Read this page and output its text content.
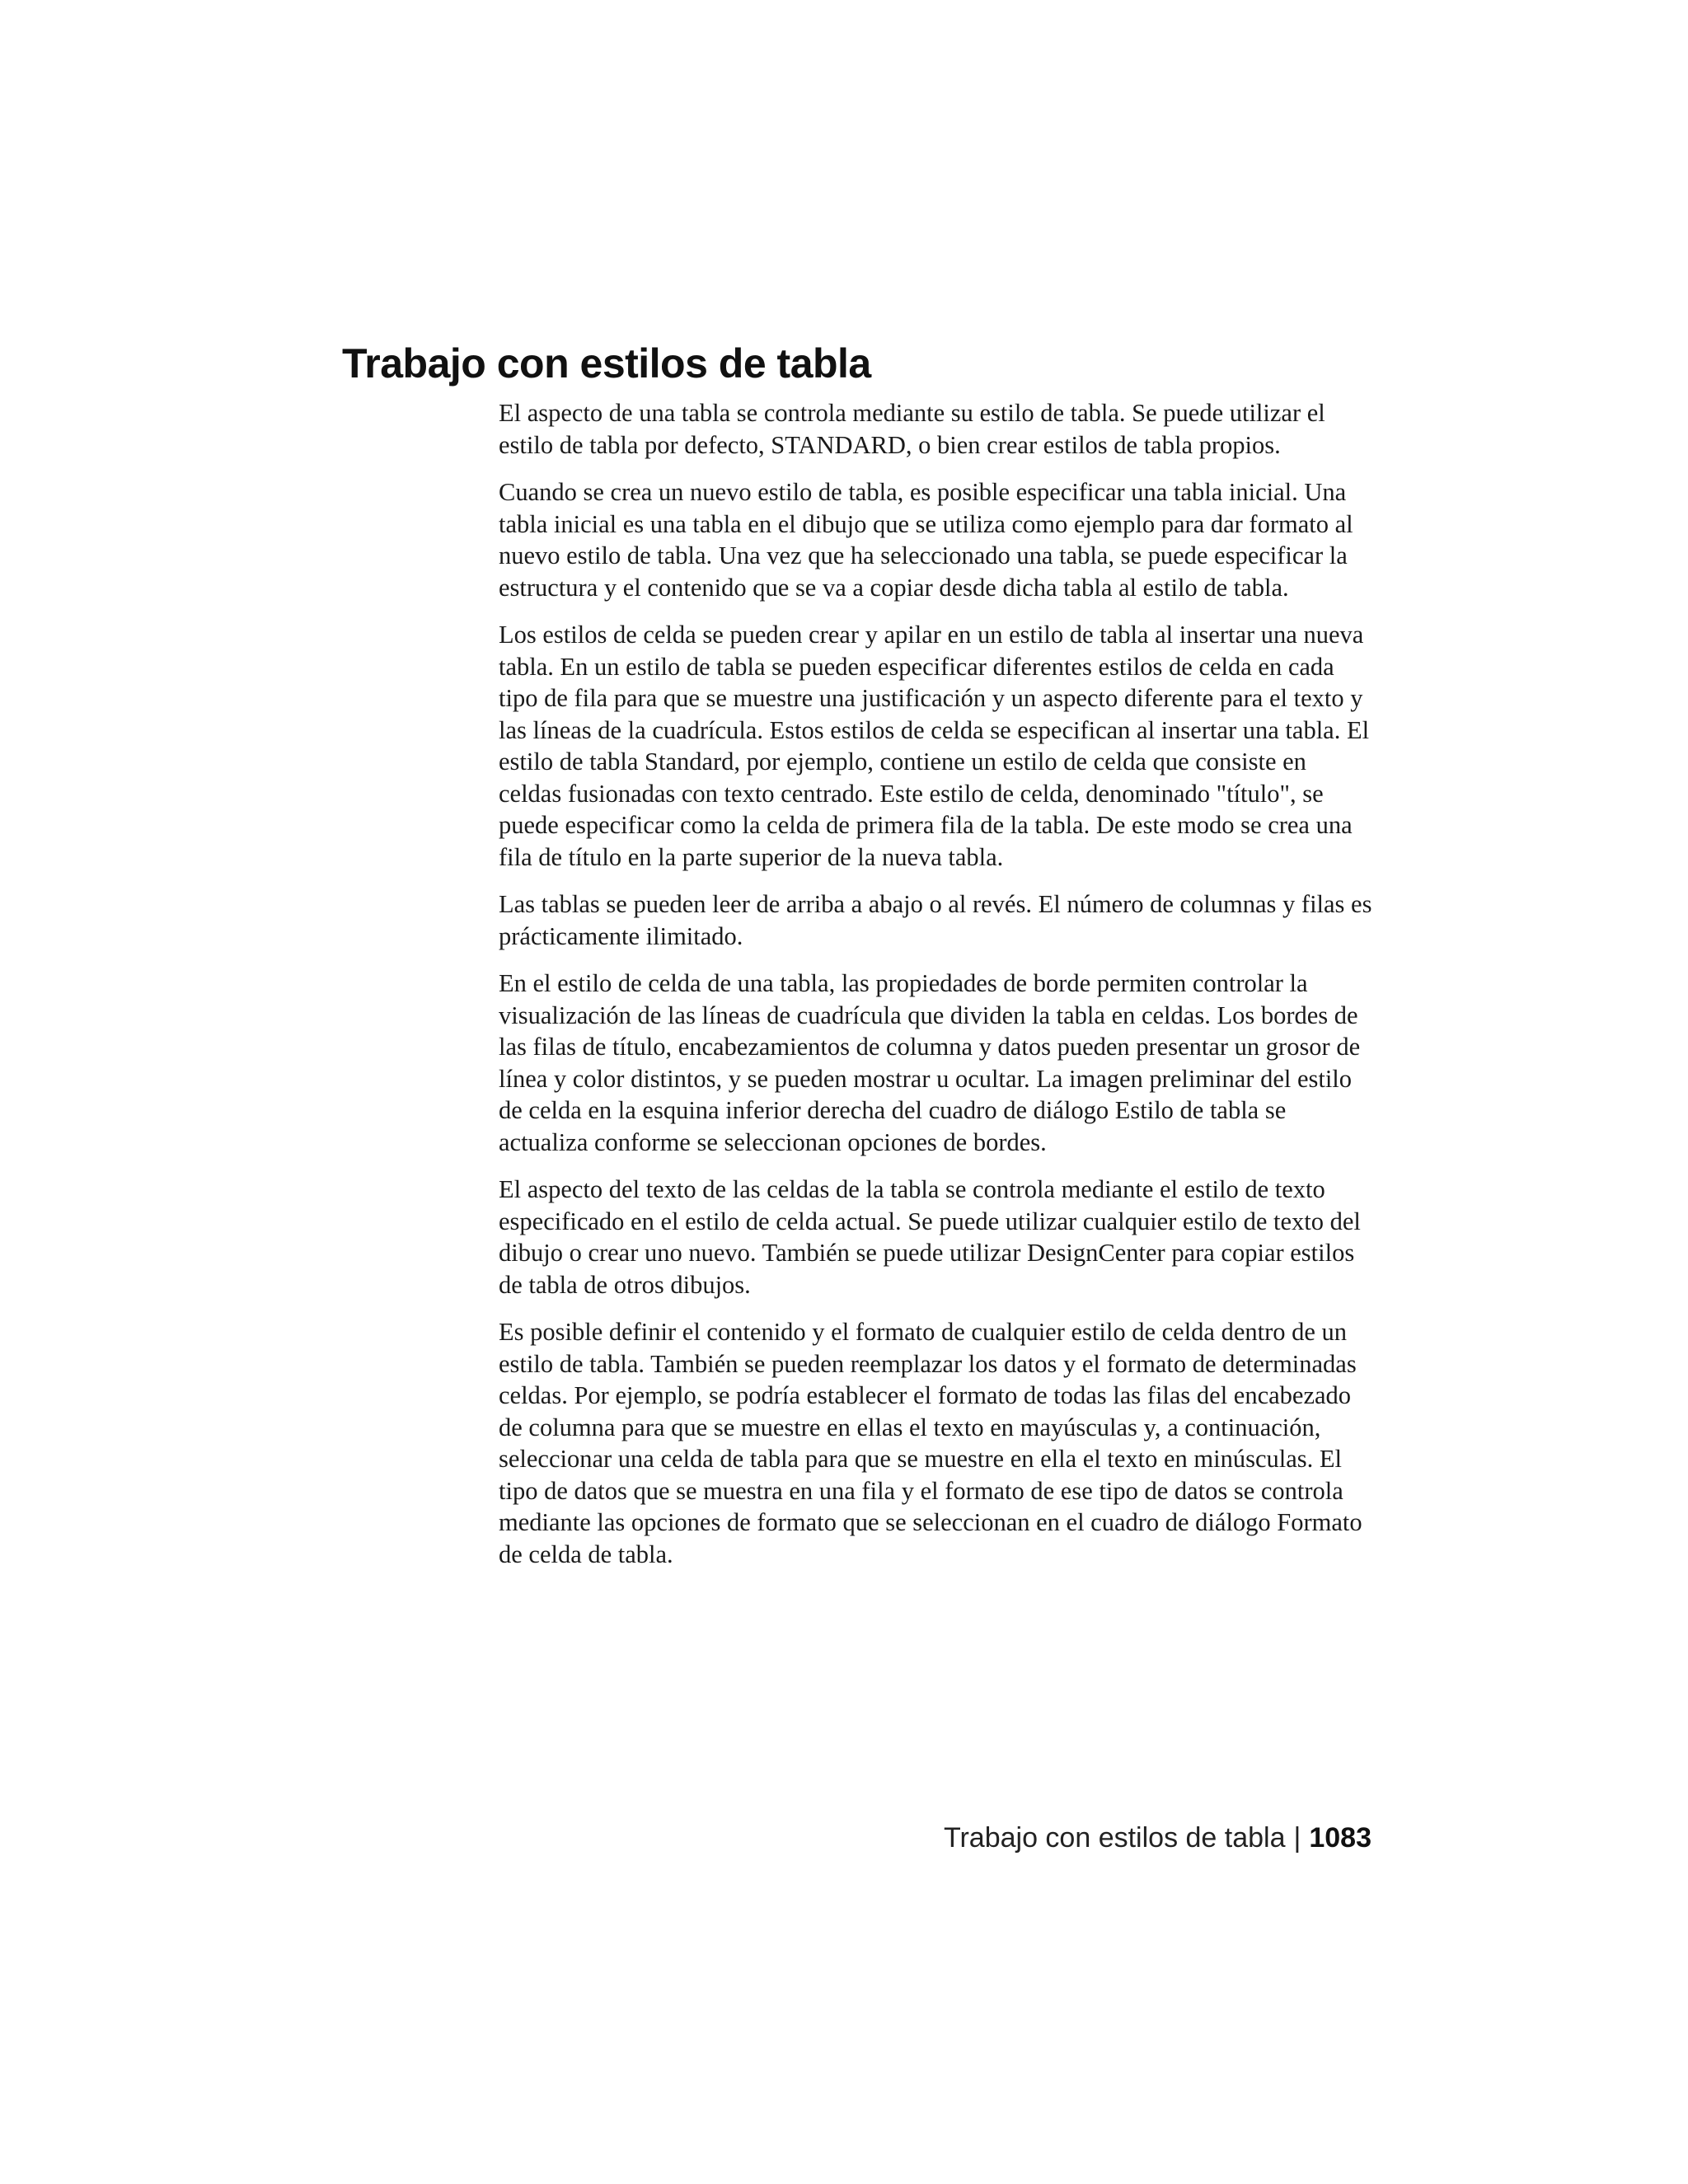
Trabajo con estilos de tabla

El aspecto de una tabla se controla mediante su estilo de tabla. Se puede utilizar el estilo de tabla por defecto, STANDARD, o bien crear estilos de tabla propios.

Cuando se crea un nuevo estilo de tabla, es posible especificar una tabla inicial. Una tabla inicial es una tabla en el dibujo que se utiliza como ejemplo para dar formato al nuevo estilo de tabla. Una vez que ha seleccionado una tabla, se puede especificar la estructura y el contenido que se va a copiar desde dicha tabla al estilo de tabla.

Los estilos de celda se pueden crear y apilar en un estilo de tabla al insertar una nueva tabla. En un estilo de tabla se pueden especificar diferentes estilos de celda en cada tipo de fila para que se muestre una justificación y un aspecto diferente para el texto y las líneas de la cuadrícula. Estos estilos de celda se especifican al insertar una tabla. El estilo de tabla Standard, por ejemplo, contiene un estilo de celda que consiste en celdas fusionadas con texto centrado. Este estilo de celda, denominado "título", se puede especificar como la celda de primera fila de la tabla. De este modo se crea una fila de título en la parte superior de la nueva tabla.

Las tablas se pueden leer de arriba a abajo o al revés. El número de columnas y filas es prácticamente ilimitado.

En el estilo de celda de una tabla, las propiedades de borde permiten controlar la visualización de las líneas de cuadrícula que dividen la tabla en celdas. Los bordes de las filas de título, encabezamientos de columna y datos pueden presentar un grosor de línea y color distintos, y se pueden mostrar u ocultar. La imagen preliminar del estilo de celda en la esquina inferior derecha del cuadro de diálogo Estilo de tabla se actualiza conforme se seleccionan opciones de bordes.

El aspecto del texto de las celdas de la tabla se controla mediante el estilo de texto especificado en el estilo de celda actual. Se puede utilizar cualquier estilo de texto del dibujo o crear uno nuevo. También se puede utilizar DesignCenter para copiar estilos de tabla de otros dibujos.

Es posible definir el contenido y el formato de cualquier estilo de celda dentro de un estilo de tabla. También se pueden reemplazar los datos y el formato de determinadas celdas. Por ejemplo, se podría establecer el formato de todas las filas del encabezado de columna para que se muestre en ellas el texto en mayúsculas y, a continuación, seleccionar una celda de tabla para que se muestre en ella el texto en minúsculas. El tipo de datos que se muestra en una fila y el formato de ese tipo de datos se controla mediante las opciones de formato que se seleccionan en el cuadro de diálogo Formato de celda de tabla.

Trabajo con estilos de tabla | 1083
